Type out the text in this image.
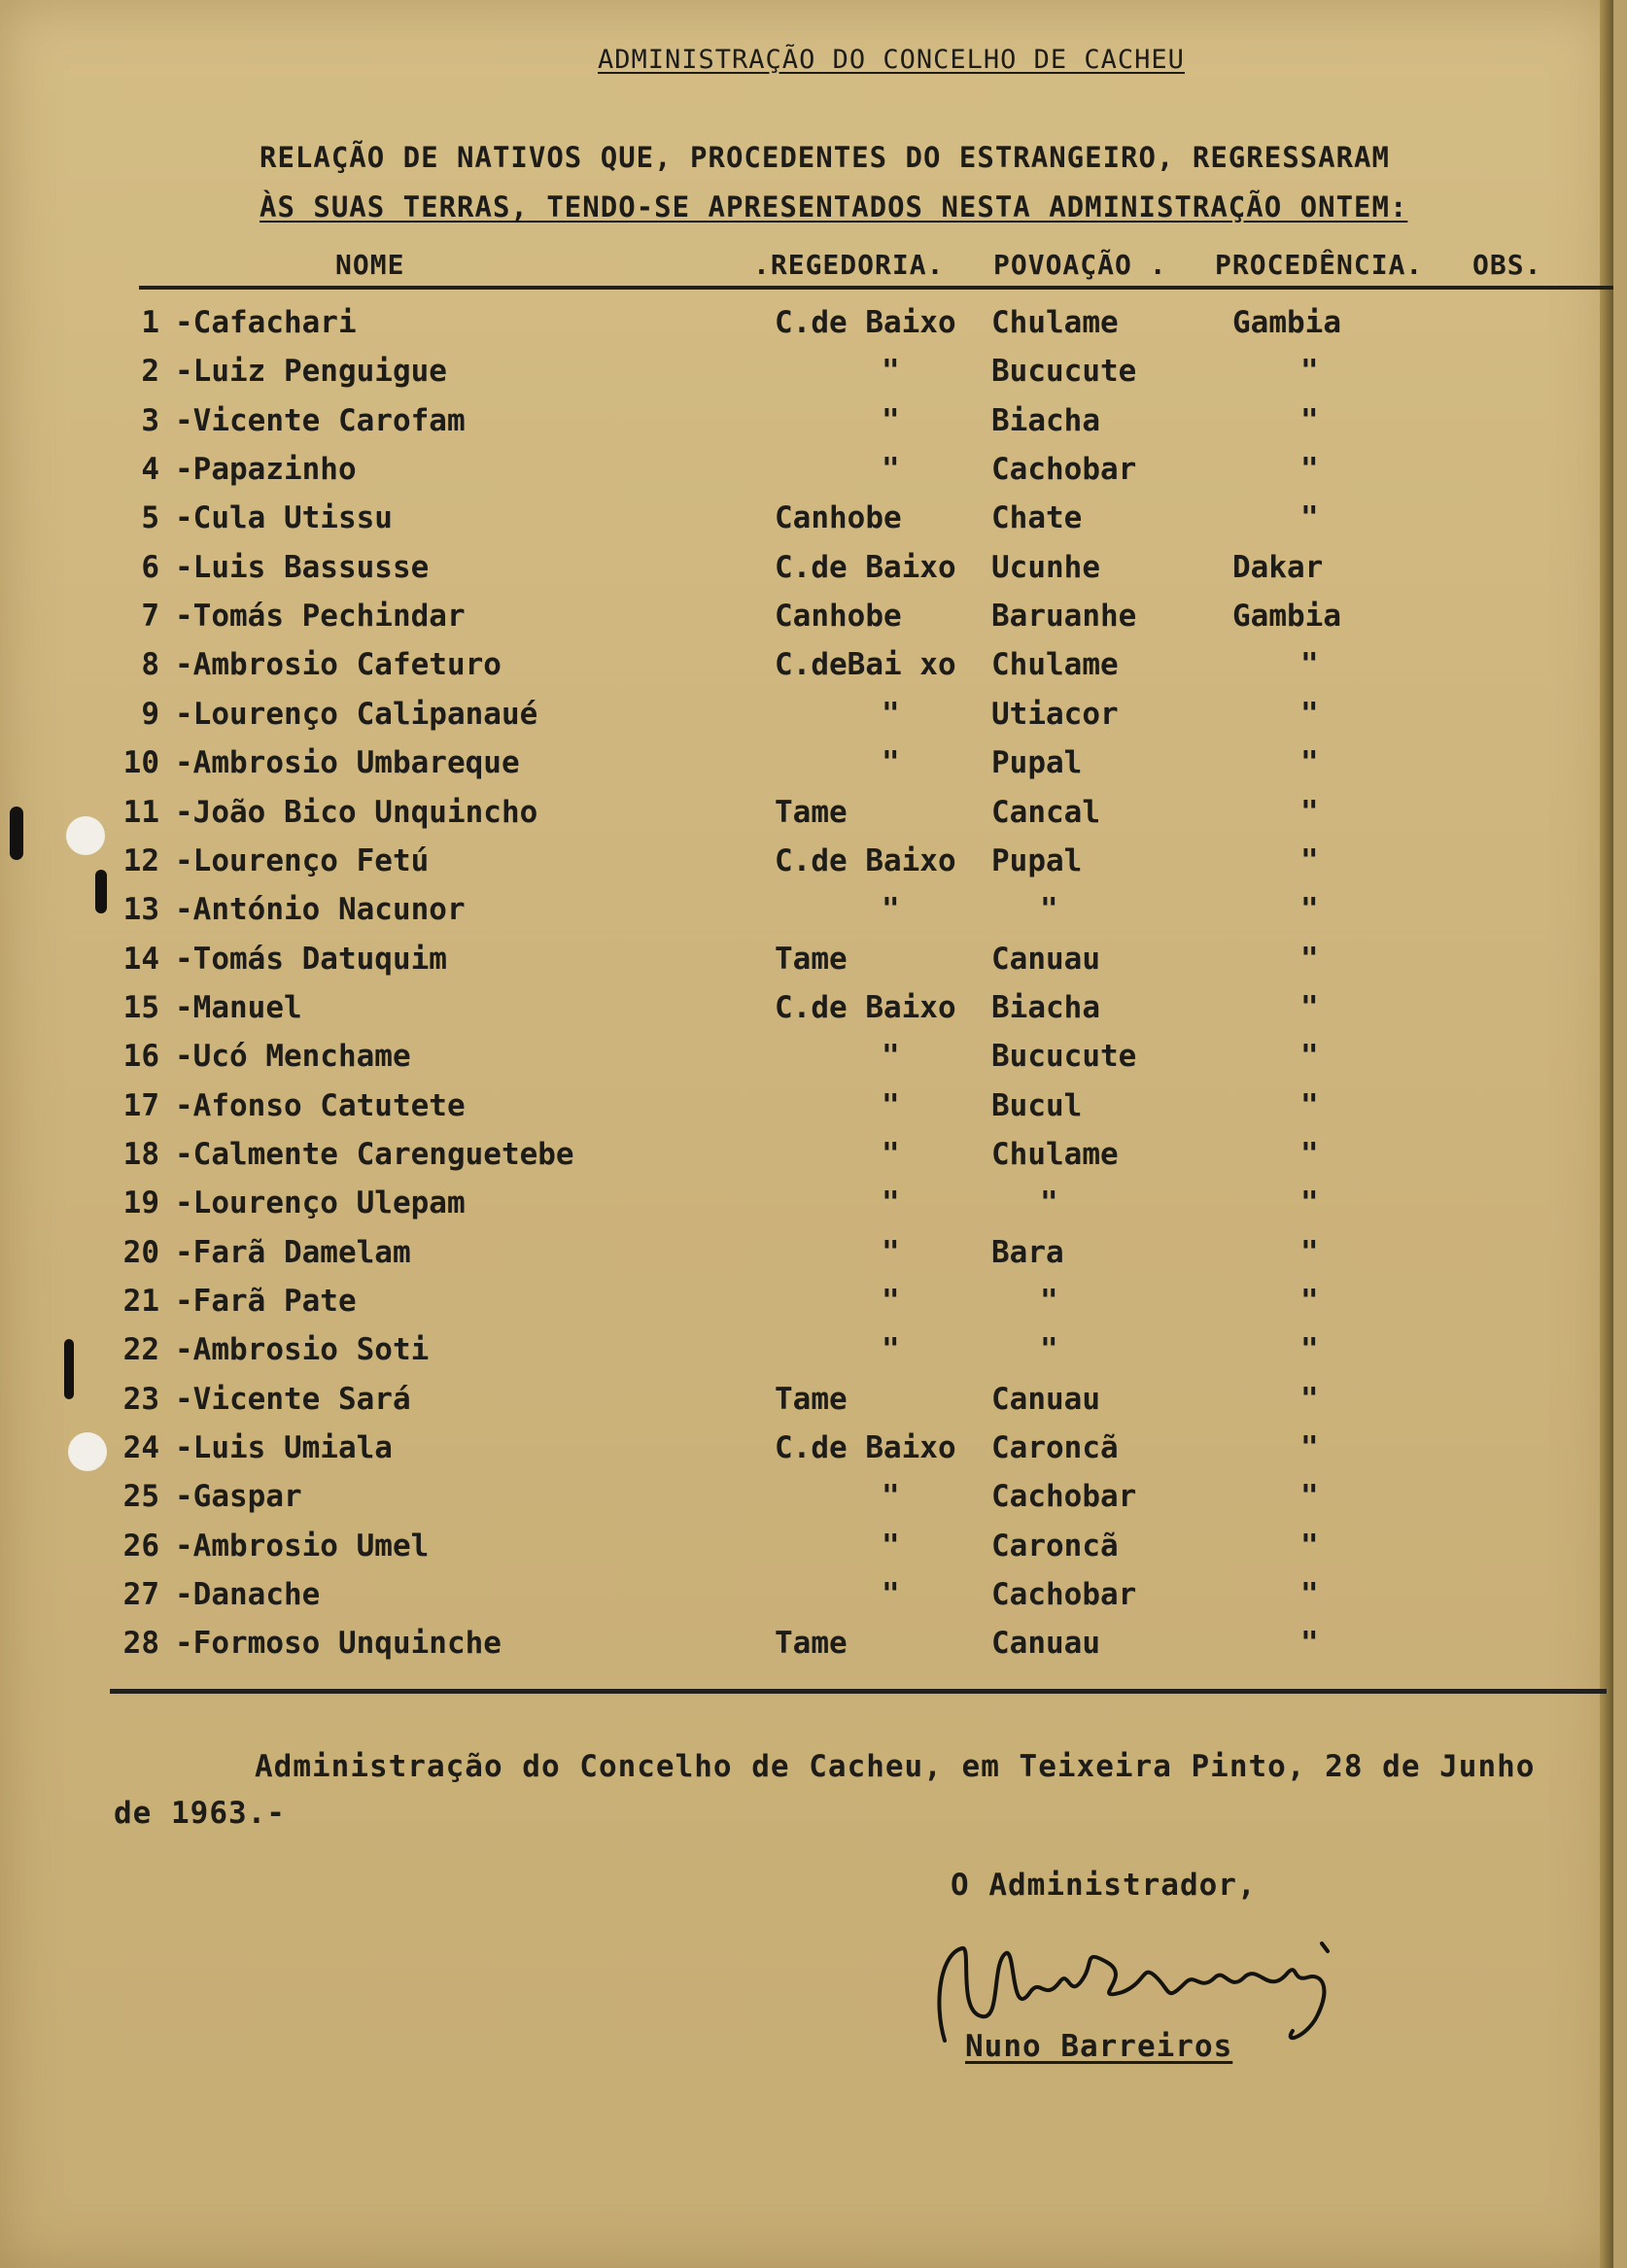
ADMINISTRAÇÃO DO CONCELHO DE CACHEU
RELAÇÃO DE NATIVOS QUE, PROCEDENTES DO ESTRANGEIRO, REGRESSARAM
ÀS SUAS TERRAS, TENDO-SE APRESENTADOS NESTA ADMINISTRAÇÃO ONTEM:
NOME	.REGEDORIA. POVOAÇÃO . PROCEDÊNCIA. OBS.
1 -Cafachari	C.de Baixo Chulame	Gambia
2 -Luiz Penguigue	"	Bucucute	"
3 -Vicente Carofam	"	Biacha	"
4 -Papazinho	"	Cachobar	"
5 -Cula Utissu	Canhobe	Chate	"
6 -Luis Bassusse	C.de Baixo Ucunhe	Dakar
7 -Tomás Pechindar	Canhobe	Baruanhe	Gambia
8 -Ambrosio Cafeturo	C.deBai xo Chulame	"
9 -Lourenço Calipanaué	"	Utiacor	"
10 -Ambrosio Umbareque	"	Pupal	"
11 -João Bico Unquincho	Tame	Cancal	"
12 -Lourenço Fetú	C.de Baixo Pupal	"
13 -António Nacunor	"	"	"
14 -Tomás Datuquim	Tame	Canuau	"
15 -Manuel	C.de Baixo Biacha	"
16 -Ucó Menchame	"	Bucucute	"
17 -Afonso Catutete	"	Bucul	"
18 -Calmente Carenguetebe	"	Chulame	"
19 -Lourenço Ulepam	"	"	"
20 -Farã Damelam	"	Bara	"
21 -Farã Pate	"	"	"
22 -Ambrosio Soti	"	"	"
23 -Vicente Sará	Tame	Canuau	"
24 -Luis Umiala	C.de Baixo Caroncã	"
25 -Gaspar	"	Cachobar	"
26 -Ambrosio Umel	"	Caroncã	"
27 -Danache	"	Cachobar	"
28 -Formoso Unquinche	Tame	Canuau	"
Administração do Concelho de Cacheu, em Teixeira Pinto, 28 de Junho
de 1963.-
O Administrador,
Nuno Barreiros
